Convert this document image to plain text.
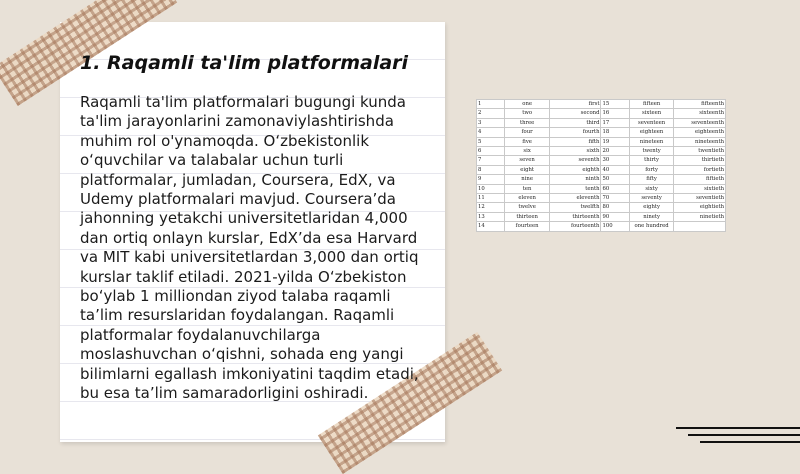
1. Raqamli ta'lim platformalari

Raqamli ta'lim platformalari bugungi kunda ta'lim jarayonlarini zamonaviylashtirishda muhim rol o'ynamoqda. Oʻzbekistonlik oʻquvchilar va talabalar uchun turli platformalar, jumladan, Coursera, EdX, va Udemy platformalari mavjud. Coursera’da jahonning yetakchi universitetlaridan 4,000 dan ortiq onlayn kurslar, EdX’da esa Harvard va MIT kabi universitetlardan 3,000 dan ortiq kurslar taklif etiladi. 2021-yilda Oʻzbekiston boʻylab 1 milliondan ziyod talaba raqamli taʼlim resurslaridan foydalangan. Raqamli platformalar foydalanuvchilarga moslashuvchan oʻqishni, sohada eng yangi bilimlarni egallash imkoniyatini taqdim etadi, bu esa taʼlim samaradorligini oshiradi.

1	one	first	15	fifteen	fifteenth
2	two	second	16	sixteen	sixteenth
3	three	third	17	seventeen	seventeenth
4	four	fourth	18	eighteen	eighteenth
5	five	fifth	19	nineteen	nineteenth
6	six	sixth	20	twenty	twentieth
7	seven	seventh	30	thirty	thirtieth
8	eight	eighth	40	forty	fortieth
9	nine	ninth	50	fifty	fiftieth
10	ten	tenth	60	sixty	sixtieth
11	eleven	eleventh	70	seventy	seventieth
12	twelve	twelfth	80	eighty	eightieth
13	thirteen	thirteenth	90	ninety	ninetieth
14	fourteen	fourteenth	100	one hundred	
